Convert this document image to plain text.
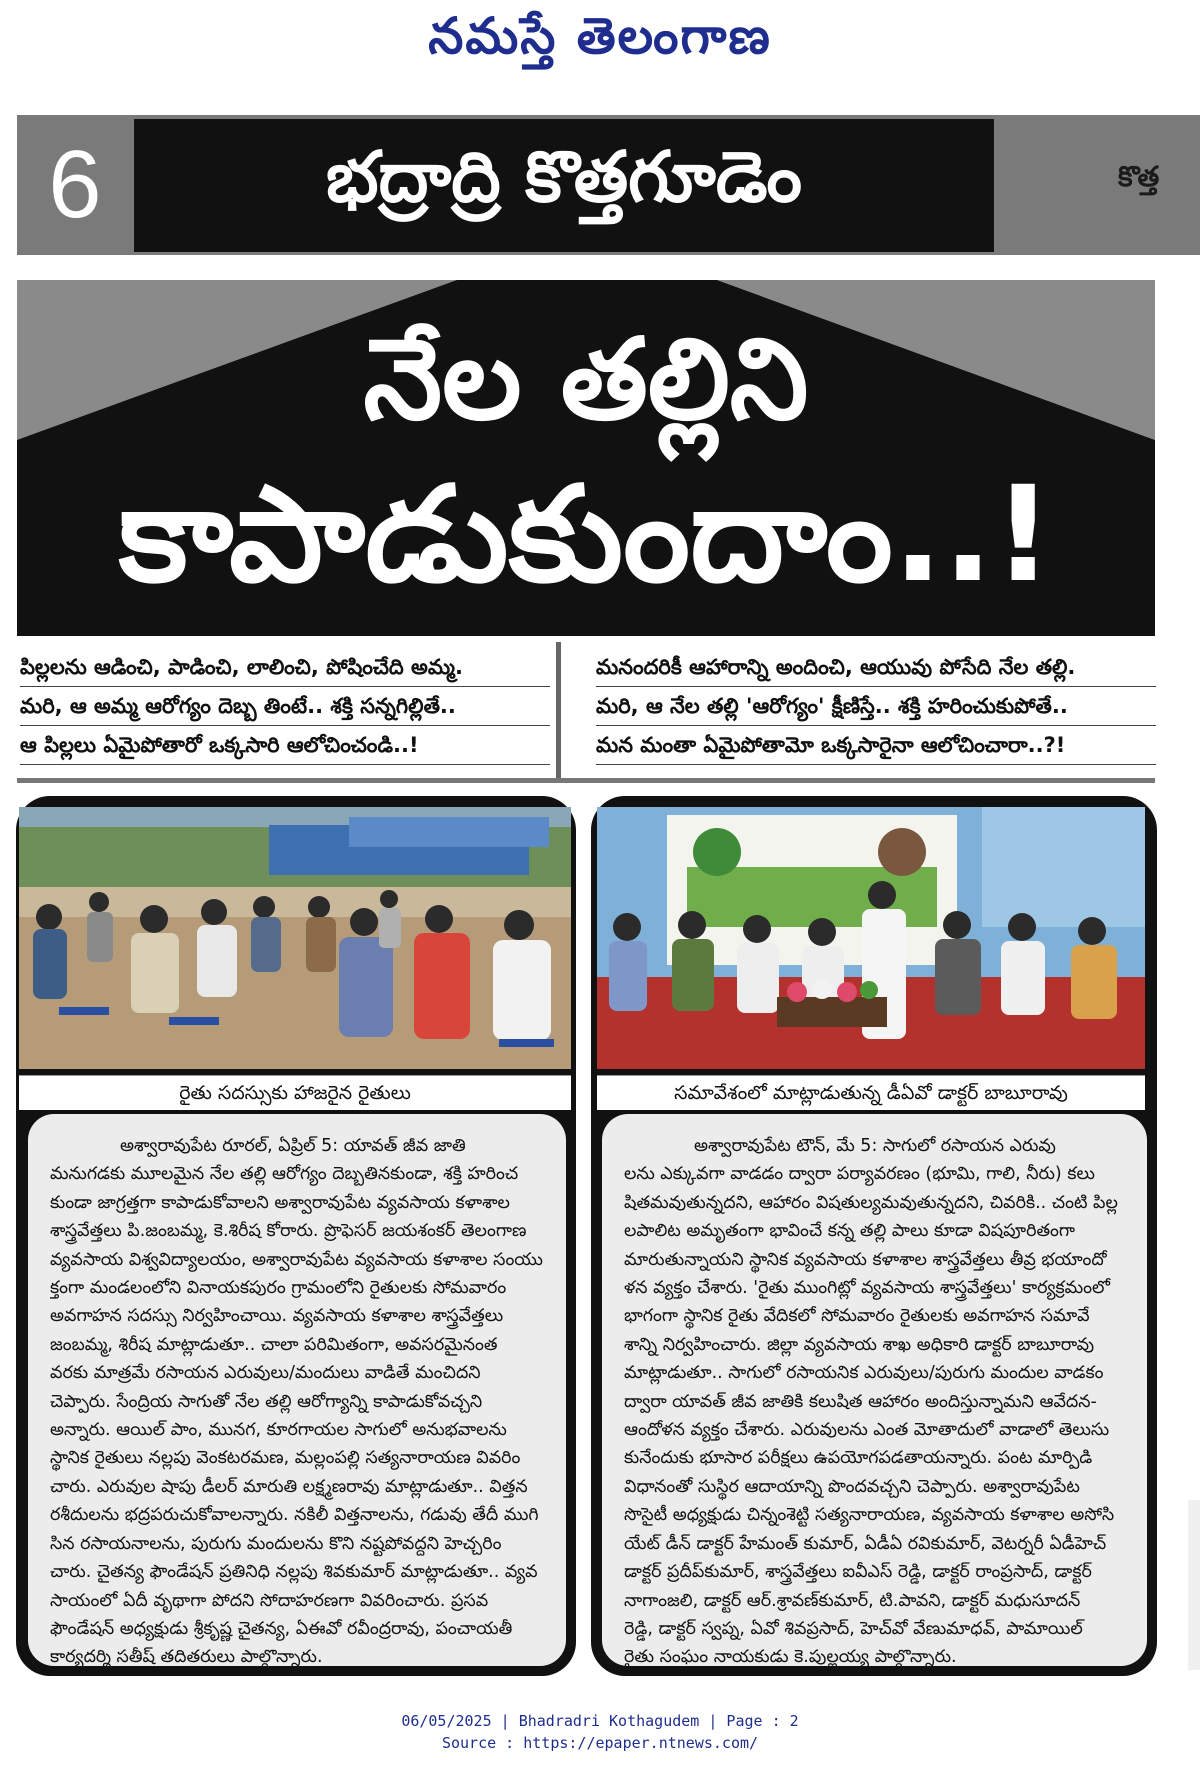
నమస్తే తెలంగాణ
6	భద్రాద్రి కొత్తగూడెం	కొత్త
నేల తల్లిని
కాపాడుకుందాం..!
పిల్లలను ఆడించి, పాడించి, లాలించి, పోషించేది అమ్మ.
మరి, ఆ అమ్మ ఆరోగ్యం దెబ్బ తింటే.. శక్తి సన్నగిల్లితే..
ఆ పిల్లలు ఏమైపోతారో ఒక్కసారి ఆలోచించండి..!
మనందరికీ ఆహారాన్ని అందించి, ఆయువు పోసేది నేల తల్లి.
మరి, ఆ నేల తల్లి 'ఆరోగ్యం' క్షీణిస్తే.. శక్తి హరించుకుపోతే..
మన మంతా ఏమైపోతామో ఒక్కసారైనా ఆలోచించారా..?!
రైతు సదస్సుకు హాజరైన రైతులు	సమావేశంలో మాట్లాడుతున్న డీఏవో డాక్టర్‌ బాబూరావు
అశ్వారావుపేట రూరల్‌, ఏప్రిల్‌ 5: యావత్‌ జీవ జాతి
మనుగడకు మూలమైన నేల తల్లి ఆరోగ్యం దెబ్బతినకుండా, శక్తి హరించ
కుండా జాగ్రత్తగా కాపాడుకోవాలని అశ్వారావుపేట వ్యవసాయ కళాశాల
శాస్త్రవేత్తలు పి.జంబమ్మ, కె.శిరీష కోరారు. ప్రొఫెసర్‌ జయశంకర్‌ తెలంగాణ
వ్యవసాయ విశ్వవిద్యాలయం, అశ్వారావుపేట వ్యవసాయ కళాశాల సంయు
క్తంగా మండలంలోని వినాయకపురం గ్రామంలోని రైతులకు సోమవారం
అవగాహన సదస్సు నిర్వహించాయి. వ్యవసాయ కళాశాల శాస్త్రవేత్తలు
జంబమ్మ, శిరీష మాట్లాడుతూ.. చాలా పరిమితంగా, అవసరమైనంత
వరకు మాత్రమే రసాయన ఎరువులు/మందులు వాడితే మంచిదని
చెప్పారు. సేంద్రియ సాగుతో నేల తల్లి ఆరోగ్యాన్ని కాపాడుకోవచ్చని
అన్నారు. ఆయిల్‌ పాం, మునగ, కూరగాయల సాగులో అనుభవాలను
స్థానిక రైతులు నల్లపు వెంకటరమణ, మల్లంపల్లి సత్యనారాయణ వివరిం
చారు. ఎరువుల షాపు డీలర్‌ మారుతి లక్ష్మణరావు మాట్లాడుతూ.. విత్తన
రశీదులను భద్రపరుచుకోవాలన్నారు. నకిలీ విత్తనాలను, గడువు తేదీ ముగి
సిన రసాయనాలను, పురుగు మందులను కొని నష్టపోవద్దని హెచ్చరిం
చారు. చైతన్య ఫౌండేషన్‌ ప్రతినిధి నల్లపు శివకుమార్‌ మాట్లాడుతూ.. వ్యవ
సాయంలో ఏదీ వృథాగా పోదని సోదాహరణగా వివరించారు. ప్రసవ
ఫౌండేషన్‌ అధ్యక్షుడు శ్రీకృష్ణ చైతన్య, ఏఈవో రవీంద్రరావు, పంచాయతీ
కార్యదర్శి సతీష్‌ తదితరులు పాల్గొన్నారు.
అశ్వారావుపేట టౌన్‌, మే 5: సాగులో రసాయన ఎరువు
లను ఎక్కువగా వాడడం ద్వారా పర్యావరణం (భూమి, గాలి, నీరు) కలు
షితమవుతున్నదని, ఆహారం విషతుల్యమవుతున్నదని, చివరికి.. చంటి పిల్ల
లపాలిట అమృతంగా భావించే కన్న తల్లి పాలు కూడా విషపూరితంగా
మారుతున్నాయని స్థానిక వ్యవసాయ కళాశాల శాస్త్రవేత్తలు తీవ్ర భయాందో
ళన వ్యక్తం చేశారు. 'రైతు ముంగిట్లో వ్యవసాయ శాస్త్రవేత్తలు' కార్యక్రమంలో
భాగంగా స్థానిక రైతు వేదికలో సోమవారం రైతులకు అవగాహన సమావే
శాన్ని నిర్వహించారు. జిల్లా వ్యవసాయ శాఖ అధికారి డాక్టర్‌ బాబూరావు
మాట్లాడుతూ.. సాగులో రసాయనిక ఎరువులు/పురుగు మందుల వాడకం
ద్వారా యావత్‌ జీవ జాతికి కలుషిత ఆహారం అందిస్తున్నామని ఆవేదన-
ఆందోళన వ్యక్తం చేశారు. ఎరువులను ఎంత మోతాదులో వాడాలో తెలుసు
కునేందుకు భూసార పరీక్షలు ఉపయోగపడతాయన్నారు. పంట మార్పిడి
విధానంతో సుస్థిర ఆదాయాన్ని పొందవచ్చని చెప్పారు. అశ్వారావుపేట
సొసైటీ అధ్యక్షుడు చిన్నంశెట్టి సత్యనారాయణ, వ్యవసాయ కళాశాల అసోసి
యేట్‌ డీన్‌ డాక్టర్‌ హేమంత్‌ కుమార్‌, ఏడీఏ రవికుమార్‌, వెటర్నరీ ఏడీహెచ్‌
డాక్టర్‌ ప్రదీప్‌కుమార్‌, శాస్త్రవేత్తలు ఐవీఎస్‌ రెడ్డి, డాక్టర్‌ రాంప్రసాద్‌, డాక్టర్‌
నాగాంజలి, డాక్టర్‌ ఆర్‌.శ్రావణ్‌కుమార్‌, టి.పావని, డాక్టర్‌ మధుసూదన్‌
రెడ్డి, డాక్టర్‌ స్వప్న, ఏవో శివప్రసాద్‌, హెచ్‌వో వేణుమాధవ్‌, పామాయిల్‌
రైతు సంఘం నాయకుడు కె.పుల్లయ్య పాల్గొన్నారు.
06/05/2025 | Bhadradri Kothagudem | Page : 2
Source : https://epaper.ntnews.com/
